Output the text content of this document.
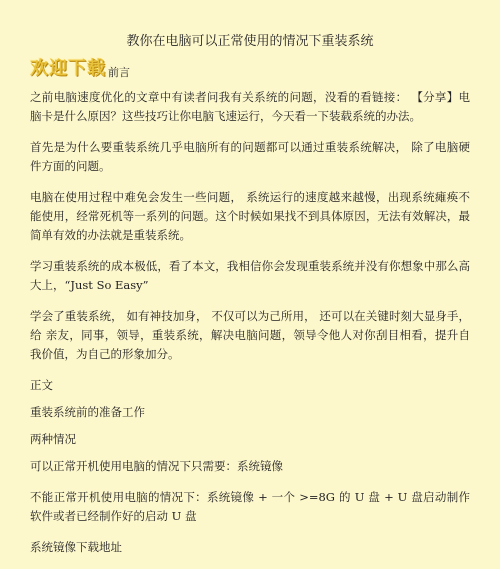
教你在电脑可以正常使用的情况下重装系统
欢迎下载 前言

之前电脑速度优化的文章中有读者问我有关系统的问题，没看的看链接： 【分享】电脑卡是什么原因？这些技巧让你电脑飞速运行，今天看一下装载系统的办法。

首先是为什么要重装系统几乎电脑所有的问题都可以通过重装系统解决， 除了电脑硬件方面的问题。

电脑在使用过程中难免会发生一些问题， 系统运行的速度越来越慢，出现系统瘫痪不能使用，经常死机等一系列的问题。这个时候如果找不到具体原因，无法有效解决，最简单有效的办法就是重装系统。

学习重装系统的成本极低，看了本文，我相信你会发现重装系统并没有你想象中那么高大上，“Just So Easy”

学会了重装系统， 如有神技加身， 不仅可以为己所用， 还可以在关键时刻大显身手， 给 亲友，同事，领导，重装系统，解决电脑问题，领导令他人对你刮目相看，提升自我价值，为自己的形象加分。

正文

重装系统前的准备工作

两种情况

可以正常开机使用电脑的情况下只需要：系统镜像

不能正常开机使用电脑的情况下：系统镜像 + 一个 >=8G 的 U 盘 + U 盘启动制作软件或者已经制作好的启动 U 盘

系统镜像下载地址
